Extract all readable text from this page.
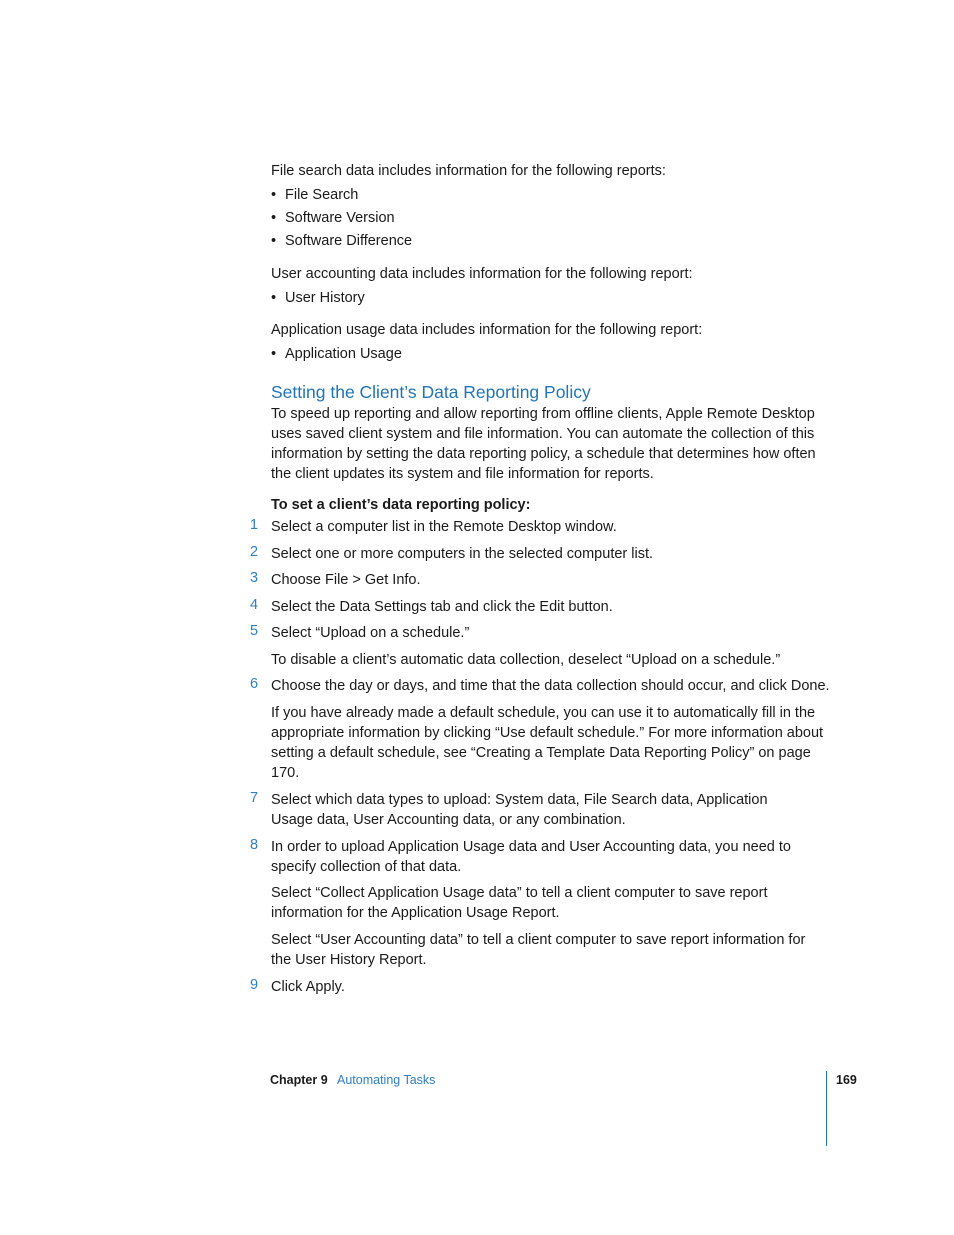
File search data includes information for the following reports:
• File Search
• Software Version
• Software Difference
User accounting data includes information for the following report:
• User History
Application usage data includes information for the following report:
• Application Usage
Setting the Client’s Data Reporting Policy
To speed up reporting and allow reporting from offline clients, Apple Remote Desktop uses saved client system and file information. You can automate the collection of this information by setting the data reporting policy, a schedule that determines how often the client updates its system and file information for reports.
To set a client’s data reporting policy:
1 Select a computer list in the Remote Desktop window.
2 Select one or more computers in the selected computer list.
3 Choose File > Get Info.
4 Select the Data Settings tab and click the Edit button.
5 Select “Upload on a schedule.”
To disable a client’s automatic data collection, deselect “Upload on a schedule.”
6 Choose the day or days, and time that the data collection should occur, and click Done.
If you have already made a default schedule, you can use it to automatically fill in the appropriate information by clicking “Use default schedule.” For more information about setting a default schedule, see “Creating a Template Data Reporting Policy” on page 170.
7 Select which data types to upload: System data, File Search data, Application Usage data, User Accounting data, or any combination.
8 In order to upload Application Usage data and User Accounting data, you need to specify collection of that data.
Select “Collect Application Usage data” to tell a client computer to save report information for the Application Usage Report.
Select “User Accounting data” to tell a client computer to save report information for the User History Report.
9 Click Apply.
Chapter 9 Automating Tasks	169
